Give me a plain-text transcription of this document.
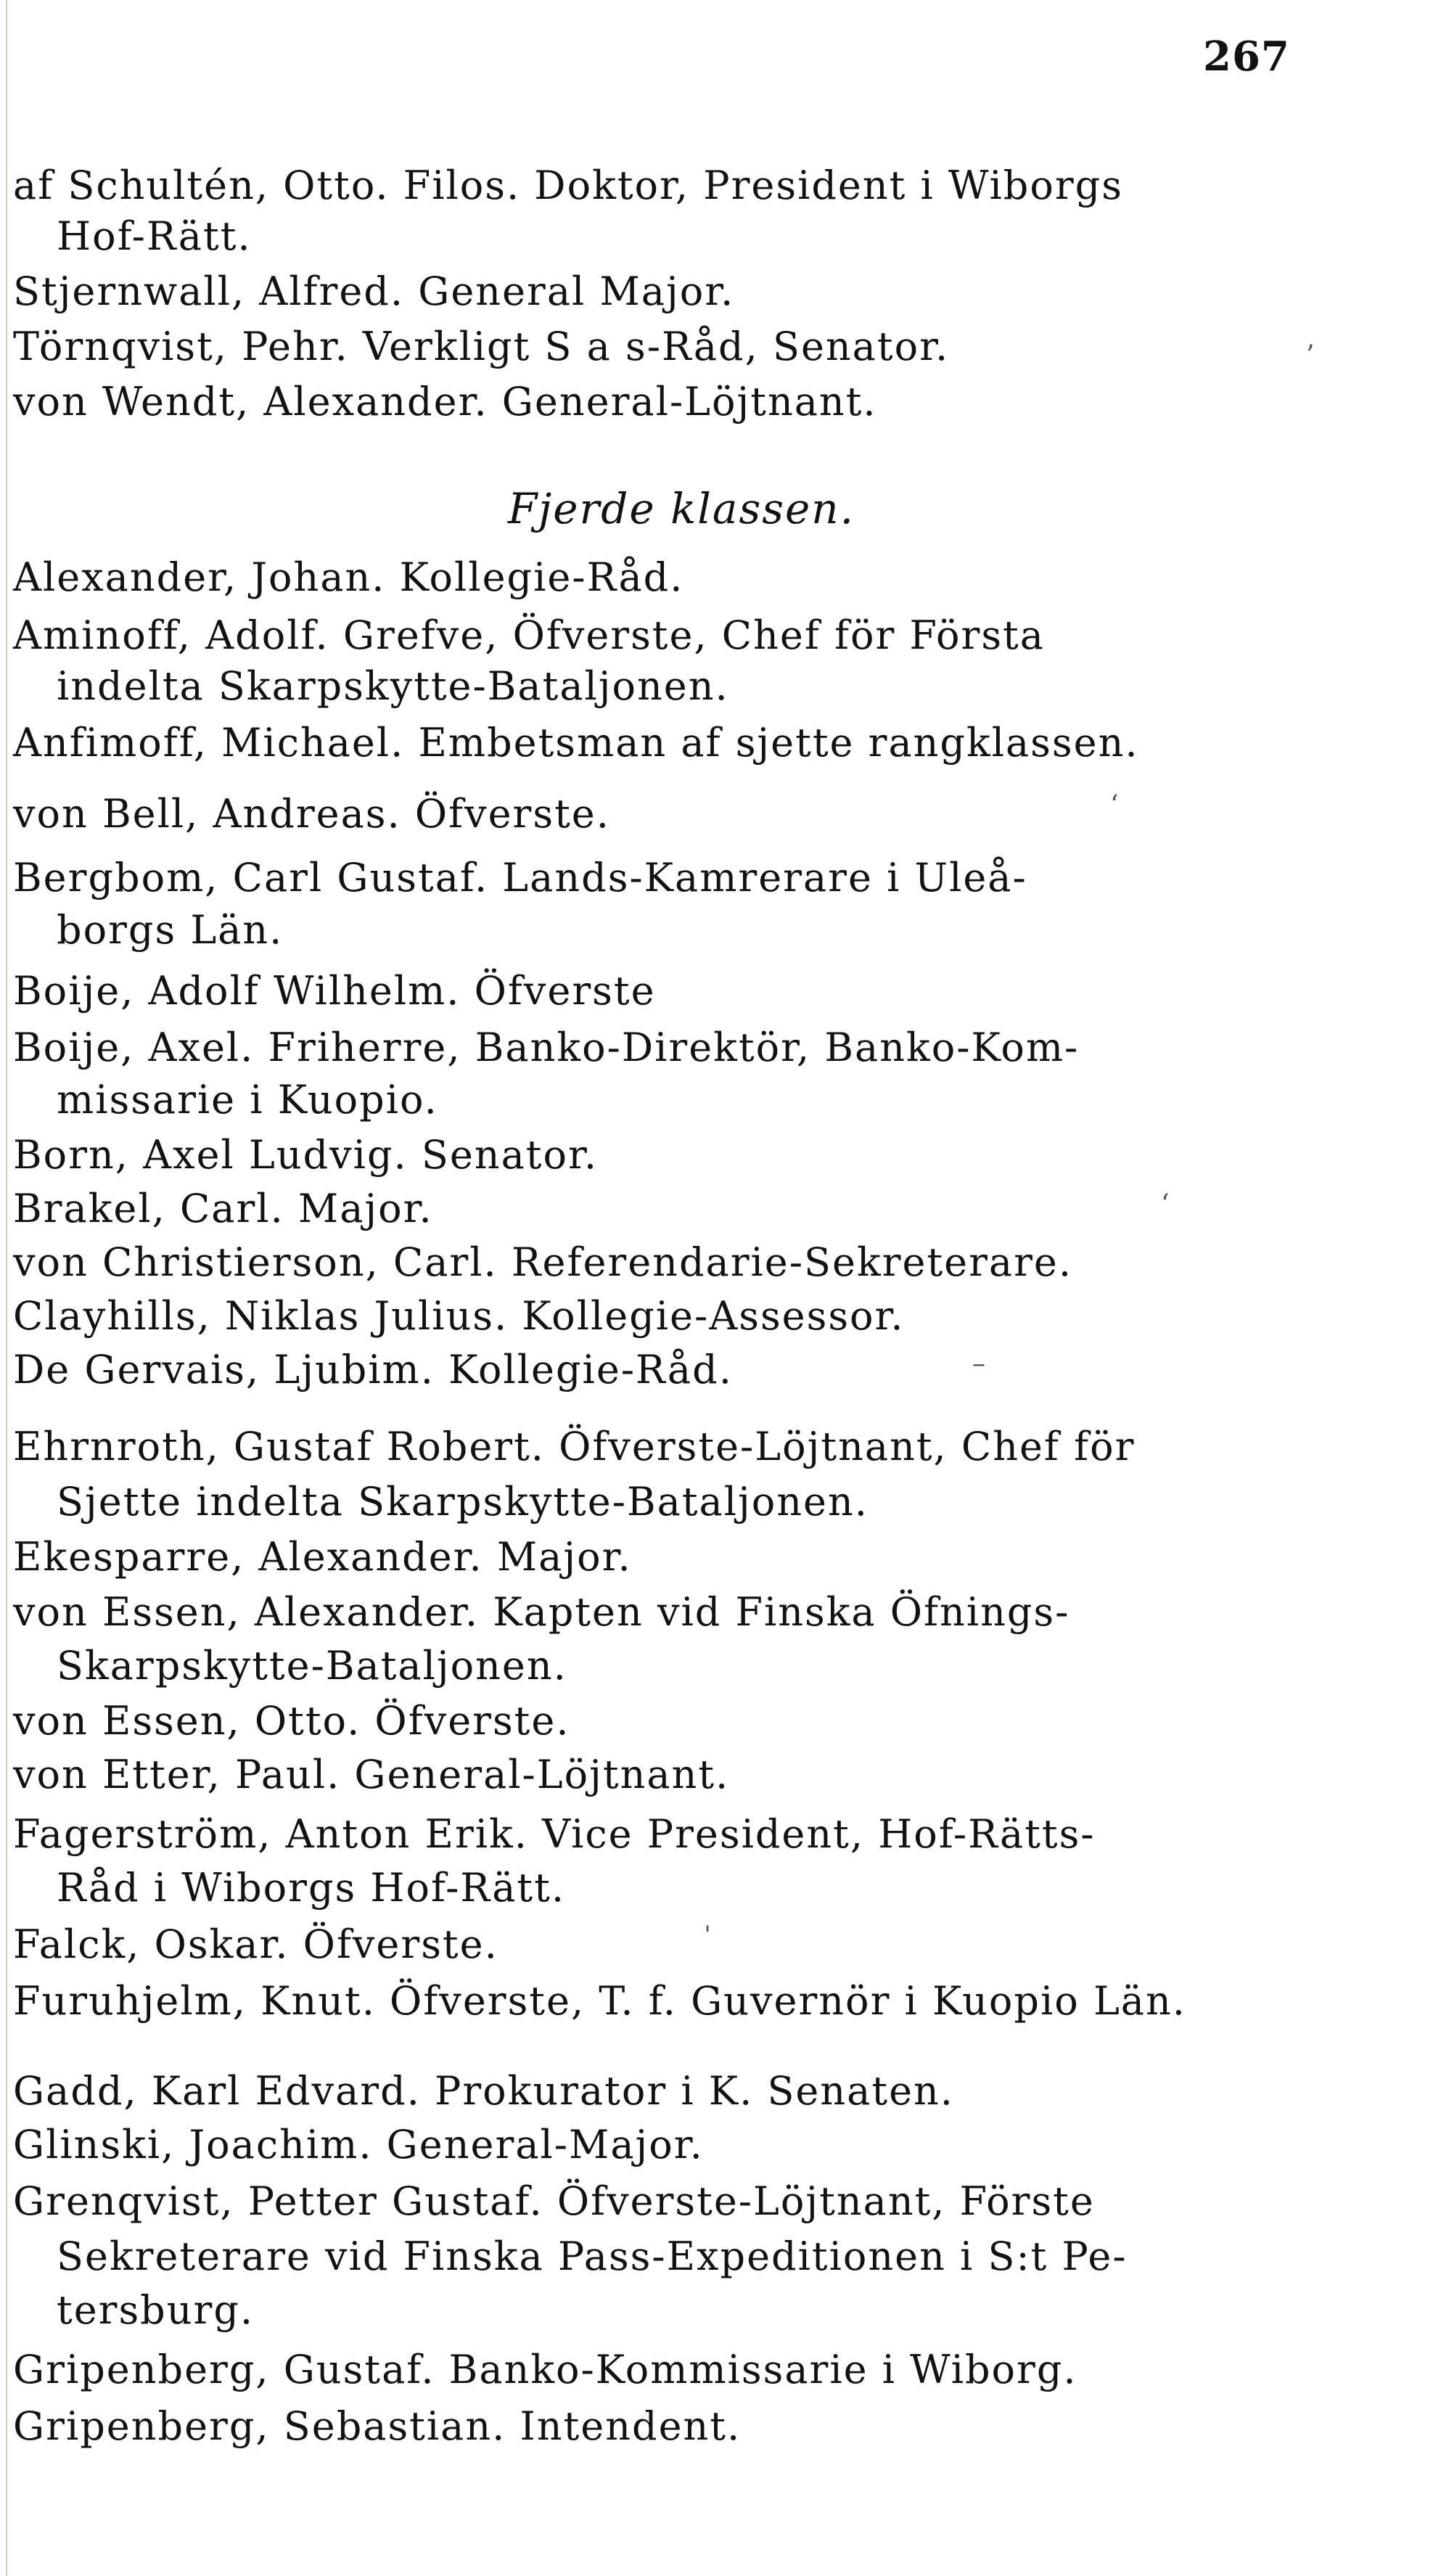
267
af Schultén, Otto. Filos. Doktor, President i Wiborgs
Hof-Rätt.
Stjernwall, Alfred. General Major.
Törnqvist, Pehr. Verkligt S a s-Råd, Senator.
von Wendt, Alexander. General-Löjtnant.
Fjerde klassen.
Alexander, Johan. Kollegie-Råd.
Aminoff, Adolf. Grefve, Öfverste, Chef för Första
indelta Skarpskytte-Bataljonen.
Anfimoff, Michael. Embetsman af sjette rangklassen.
von Bell, Andreas. Öfverste.
Bergbom, Carl Gustaf. Lands-Kamrerare i Uleå-
borgs Län.
Boije, Adolf Wilhelm. Öfverste
Boije, Axel. Friherre, Banko-Direktör, Banko-Kom-
missarie i Kuopio.
Born, Axel Ludvig. Senator.
Brakel, Carl. Major.
von Christierson, Carl. Referendarie-Sekreterare.
Clayhills, Niklas Julius. Kollegie-Assessor.
De Gervais, Ljubim. Kollegie-Råd.
Ehrnroth, Gustaf Robert. Öfverste-Löjtnant, Chef för
Sjette indelta Skarpskytte-Bataljonen.
Ekesparre, Alexander. Major.
von Essen, Alexander. Kapten vid Finska Öfnings-
Skarpskytte-Bataljonen.
von Essen, Otto. Öfverste.
von Etter, Paul. General-Löjtnant.
Fagerström, Anton Erik. Vice President, Hof-Rätts-
Råd i Wiborgs Hof-Rätt.
Falck, Oskar. Öfverste.
Furuhjelm, Knut. Öfverste, T. f. Guvernör i Kuopio Län.
Gadd, Karl Edvard. Prokurator i K. Senaten.
Glinski, Joachim. General-Major.
Grenqvist, Petter Gustaf. Öfverste-Löjtnant, Förste
Sekreterare vid Finska Pass-Expeditionen i S:t Pe-
tersburg.
Gripenberg, Gustaf. Banko-Kommissarie i Wiborg.
Gripenberg, Sebastian. Intendent.
’
‘
‘
–
ˈ
